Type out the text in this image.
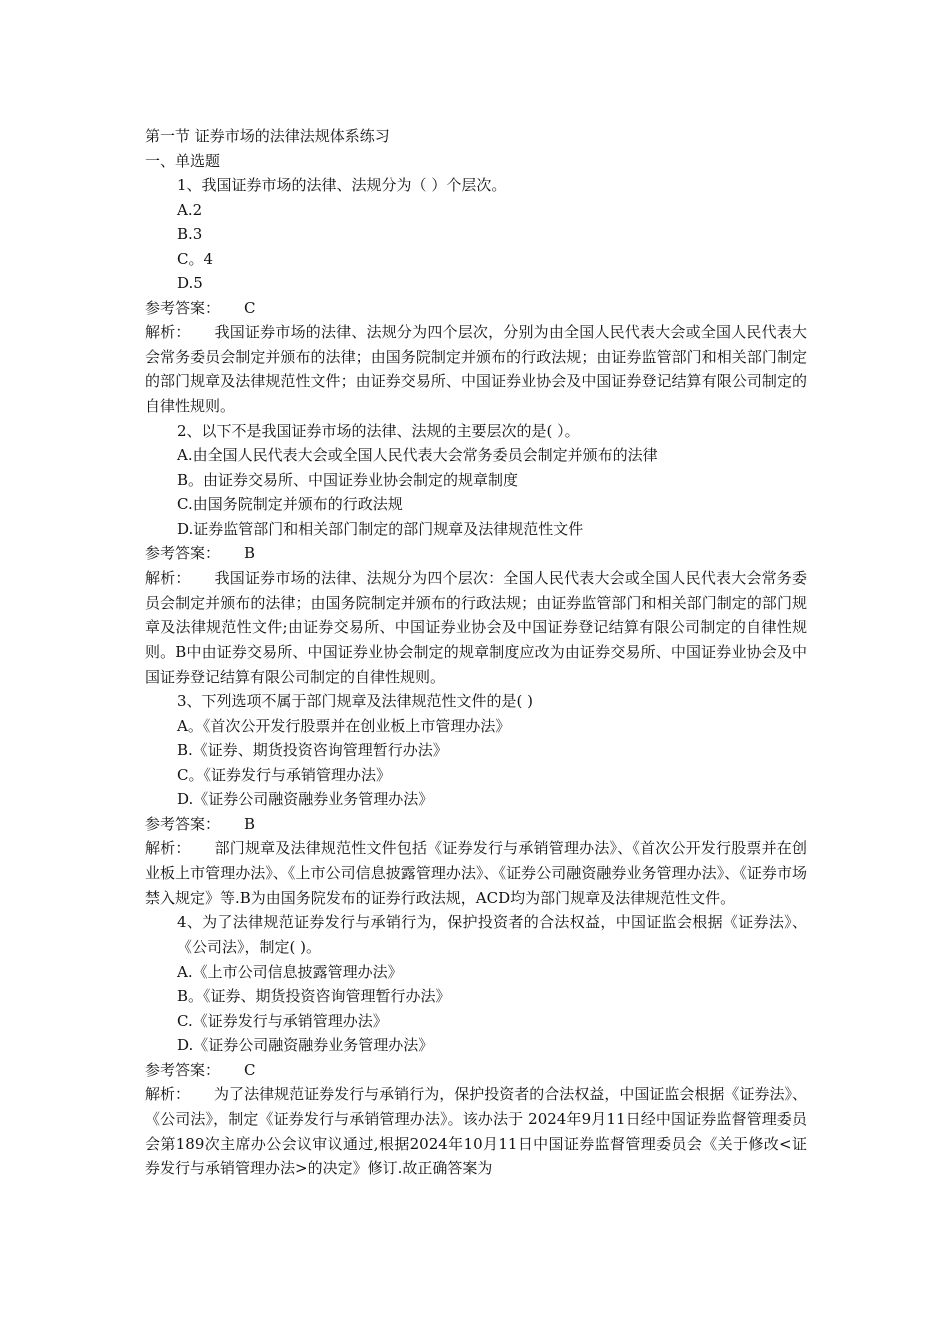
第一节 证券市场的法律法规体系练习
一、单选题
1、我国证券市场的法律、法规分为（ ）个层次。
A.2
B.3
C。4
D.5
参考答案： C
解析： 我国证券市场的法律、法规分为四个层次，分别为由全国人民代表大会或全国人民代表大会常务委员会制定并颁布的法律；由国务院制定并颁布的行政法规；由证券监管部门和相关部门制定的部门规章及法律规范性文件；由证券交易所、中国证券业协会及中国证券登记结算有限公司制定的自律性规则。
2、以下不是我国证券市场的法律、法规的主要层次的是( ）。
A.由全国人民代表大会或全国人民代表大会常务委员会制定并颁布的法律
B。由证券交易所、中国证券业协会制定的规章制度
C.由国务院制定并颁布的行政法规
D.证券监管部门和相关部门制定的部门规章及法律规范性文件
参考答案： B
解析： 我国证券市场的法律、法规分为四个层次：全国人民代表大会或全国人民代表大会常务委员会制定并颁布的法律；由国务院制定并颁布的行政法规；由证券监管部门和相关部门制定的部门规章及法律规范性文件;由证券交易所、中国证券业协会及中国证券登记结算有限公司制定的自律性规则。B中由证券交易所、中国证券业协会制定的规章制度应改为由证券交易所、中国证券业协会及中国证券登记结算有限公司制定的自律性规则。
3、下列选项不属于部门规章及法律规范性文件的是( )
A。《首次公开发行股票并在创业板上市管理办法》
B.《证券、期货投资咨询管理暂行办法》
C。《证券发行与承销管理办法》
D.《证券公司融资融券业务管理办法》
参考答案： B
解析： 部门规章及法律规范性文件包括《证券发行与承销管理办法》、《首次公开发行股票并在创业板上市管理办法》、《上市公司信息披露管理办法》、《证券公司融资融券业务管理办法》、《证券市场禁入规定》等.B为由国务院发布的证券行政法规，ACD均为部门规章及法律规范性文件。
4、为了法律规范证券发行与承销行为，保护投资者的合法权益，中国证监会根据《证券法》、《公司法》，制定( )。
A.《上市公司信息披露管理办法》
B。《证券、期货投资咨询管理暂行办法》
C.《证券发行与承销管理办法》
D.《证券公司融资融券业务管理办法》
参考答案： C
解析： 为了法律规范证券发行与承销行为，保护投资者的合法权益，中国证监会根据《证券法》、《公司法》，制定《证券发行与承销管理办法》。该办法于 2024年9月11日经中国证券监督管理委员会第189次主席办公会议审议通过,根据2024年10月11日中国证券监督管理委员会《关于修改<证券发行与承销管理办法>的决定》修订.故正确答案为
